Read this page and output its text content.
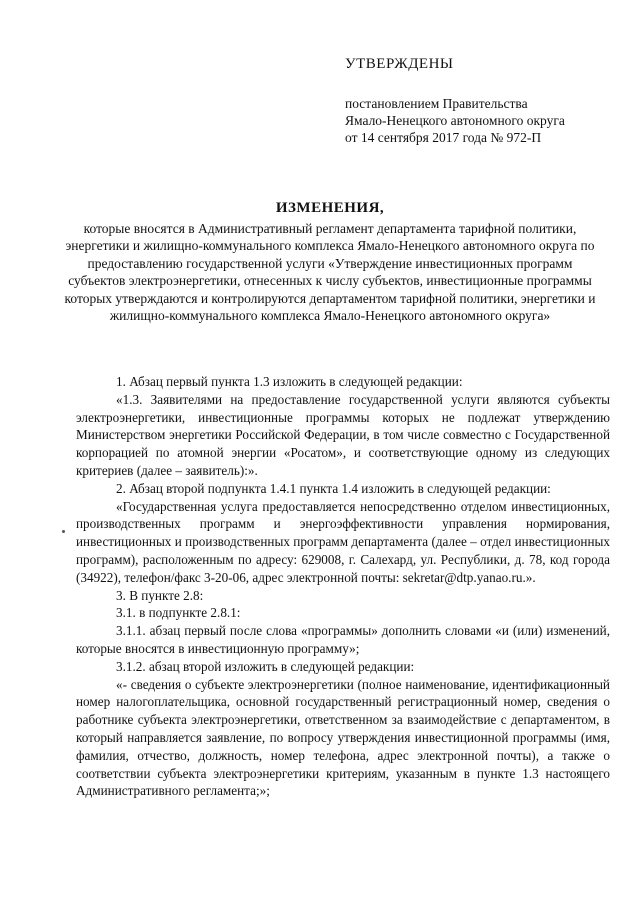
УТВЕРЖДЕНЫ
постановлением Правительства
Ямало-Ненецкого автономного округа
от 14 сентября 2017 года № 972-П
ИЗМЕНЕНИЯ,
которые вносятся в Административный регламент департамента тарифной политики, энергетики и жилищно-коммунального комплекса Ямало-Ненецкого автономного округа по предоставлению государственной услуги «Утверждение инвестиционных программ субъектов электроэнергетики, отнесенных к числу субъектов, инвестиционные программы которых утверждаются и контролируются департаментом тарифной политики, энергетики и жилищно-коммунального комплекса Ямало-Ненецкого автономного округа»

1. Абзац первый пункта 1.3 изложить в следующей редакции:

«1.3. Заявителями на предоставление государственной услуги являются субъекты электроэнергетики, инвестиционные программы которых не подлежат утверждению Министерством энергетики Российской Федерации, в том числе совместно с Государственной корпорацией по атомной энергии «Росатом», и соответствующие одному из следующих критериев (далее – заявитель):».

2. Абзац второй подпункта 1.4.1 пункта 1.4 изложить в следующей редакции:

«Государственная услуга предоставляется непосредственно отделом инвестиционных, производственных программ и энергоэффективности управления нормирования, инвестиционных и производственных программ департамента (далее – отдел инвестиционных программ), расположенным по адресу: 629008, г. Салехард, ул. Республики, д. 78, код города (34922), телефон/факс 3-20-06, адрес электронной почты: sekretar@dtp.yanao.ru.».

3. В пункте 2.8:

3.1. в подпункте 2.8.1:

3.1.1. абзац первый после слова «программы» дополнить словами «и (или) изменений, которые вносятся в инвестиционную программу»;

3.1.2. абзац второй изложить в следующей редакции:

«- сведения о субъекте электроэнергетики (полное наименование, идентификационный номер налогоплательщика, основной государственный регистрационный номер, сведения о работнике субъекта электроэнергетики, ответственном за взаимодействие с департаментом, в который направляется заявление, по вопросу утверждения инвестиционной программы (имя, фамилия, отчество, должность, номер телефона, адрес электронной почты), а также о соответствии субъекта электроэнергетики критериям, указанным в пункте 1.3 настоящего Административного регламента;»;
